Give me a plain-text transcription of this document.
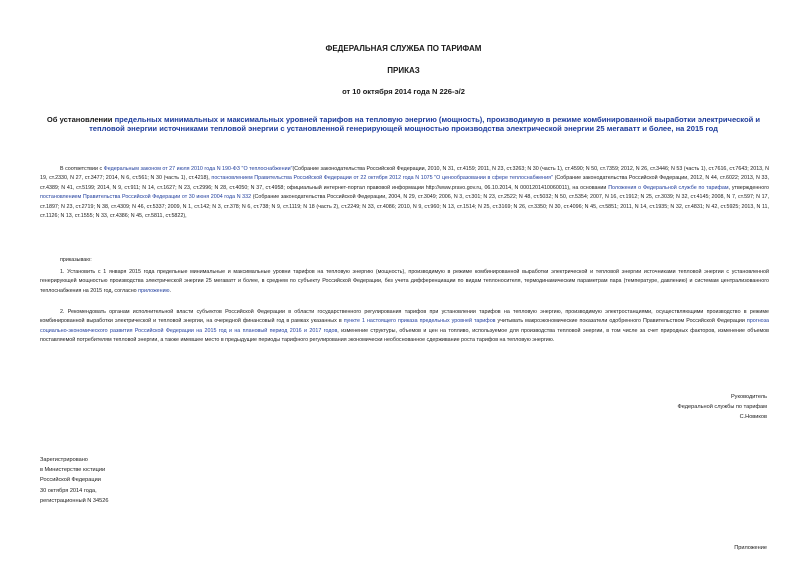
ФЕДЕРАЛЬНАЯ СЛУЖБА ПО ТАРИФАМ
ПРИКАЗ
от 10 октября 2014 года N 226-э/2
Об установлении предельных минимальных и максимальных уровней тарифов на тепловую энергию (мощность), производимую в режиме комбинированной выработки электрической и тепловой энергии источниками тепловой энергии с установленной генерирующей мощностью производства электрической энергии 25 мегаватт и более, на 2015 год
В соответствии с Федеральным законом от 27 июля 2010 года N 190-ФЗ "О теплоснабжении"(Собрание законодательства Российской Федерации, 2010, N 31, ст.4159; 2011, N 23, ст.3263; N 30 (часть 1), ст.4590; N 50, ст.7359; 2012, N 26, ст.3446; N 53 (часть 1), ст.7616, ст.7643; 2013, N 19, ст.2330, N 27, ст.3477; 2014, N 6, ст.561; N 30 (часть 1), ст.4218), постановлением Правительства Российской Федерации от 22 октября 2012 года N 1075 "О ценообразовании в сфере теплоснабжения" (Собрание законодательства Российской Федерации, 2012, N 44, ст.6022; 2013, N 33, ст.4389; N 41, ст.5199; 2014, N 9, ст.911; N 14, ст.1627; N 23, ст.2996; N 28, ст.4050; N 37, ст.4958; официальный интернет-портал правовой информации http://www.pravo.gov.ru, 06.10.2014, N 0001201410060011), на основании Положения о Федеральной службе по тарифам, утвержденного постановлением Правительства Российской Федерации от 30 июня 2004 года N 332 (Собрание законодательства Российской Федерации, 2004, N 29, ст.3049; 2006, N 3, ст.301; N 23, ст.2522; N 48, ст.5032; N 50, ст.5354; 2007, N 16, ст.1912; N 25, ст.3039; N 32, ст.4145; 2008, N 7, ст.597; N 17, ст.1897; N 23, ст.2719; N 38, ст.4309; N 46, ст.5337; 2009, N 1, ст.142; N 3, ст.378; N 6, ст.738; N 9, ст.1119; N 18 (часть 2), ст.2249; N 33, ст.4086; 2010, N 9, ст.960; N 13, ст.1514; N 25, ст.3169; N 26, ст.3350; N 30, ст.4096; N 45, ст.5851; 2011, N 14, ст.1935; N 32, ст.4831; N 42, ст.5925; 2013, N 11, ст.1126; N 13, ст.1555; N 33, ст.4386; N 45, ст.5811, ст.5822),
приказываю:
1. Установить с 1 января 2015 года предельные минимальные и максимальные уровни тарифов на тепловую энергию (мощность), производимую в режиме комбинированной выработки электрической и тепловой энергии источниками тепловой энергии с установленной генерирующей мощностью производства электрической энергии 25 мегаватт и более, в среднем по субъекту Российской Федерации, без учета дифференциации по видам теплоносителя, термодинамическим параметрам пара (температуре, давлению) и системам централизованного теплоснабжения на 2015 год, согласно приложению.
2. Рекомендовать органам исполнительной власти субъектов Российской Федерации в области государственного регулирования тарифов при установлении тарифов на тепловую энергию, производимую электростанциями, осуществляющими производство в режиме комбинированной выработки электрической и тепловой энергии, на очередной финансовый год в рамках указанных в пункте 1 настоящего приказа предельных уровней тарифов учитывать макроэкономические показатели одобренного Правительством Российской Федерации прогноза социально-экономического развития Российской Федерации на 2015 год и на плановый период 2016 и 2017 годов, изменение структуры, объемов и цен на топливо, используемое для производства тепловой энергии, в том числе за счет природных факторов, изменение объемов поставляемой потребителям тепловой энергии, а также имевшее место в предыдущие периоды тарифного регулирования экономически необоснованное сдерживание роста тарифов на тепловую энергию.
Руководитель
Федеральной службы по тарифам
С.Новиков
Зарегистрировано
в Министерстве юстиции
Российской Федерации
30 октября 2014 года,
регистрационный N 34526
Приложение
